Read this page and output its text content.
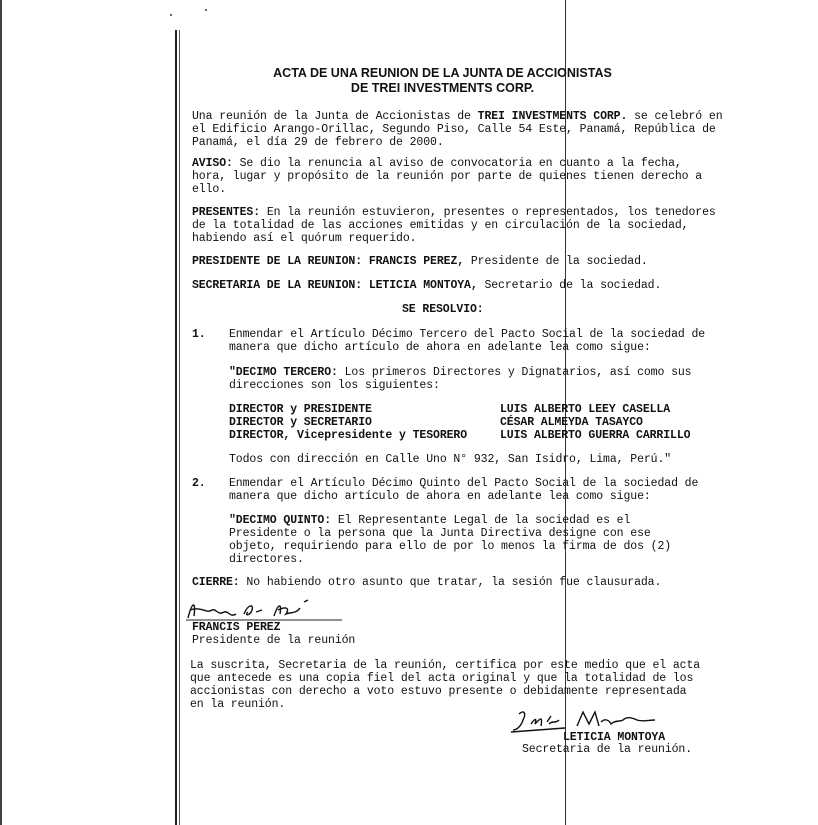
ACTA DE UNA REUNION DE LA JUNTA DE ACCIONISTAS
DE TREI INVESTMENTS CORP.
Una reunión de la Junta de Accionistas de TREI INVESTMENTS CORP. se celebró en
el Edificio Arango-Orillac, Segundo Piso, Calle 54 Este, Panamá, República de
Panamá, el día 29 de febrero de 2000.
AVISO: Se dio la renuncia al aviso de convocatoria en cuanto a la fecha,
hora, lugar y propósito de la reunión por parte de quienes tienen derecho a
ello.
PRESENTES: En la reunión estuvieron, presentes o representados, los tenedores
de la totalidad de las acciones emitidas y en circulación de la sociedad,
habiendo así el quórum requerido.
PRESIDENTE DE LA REUNION: FRANCIS PEREZ, Presidente de la sociedad.
SECRETARIA DE LA REUNION: LETICIA MONTOYA, Secretario de la sociedad.
SE RESOLVIO:
1. Enmendar el Artículo Décimo Tercero del Pacto Social de la sociedad de
manera que dicho artículo de ahora en adelante lea como sigue:
"DECIMO TERCERO: Los primeros Directores y Dignatarios, así como sus
direcciones son los siguientes:
DIRECTOR y PRESIDENTE	LUIS ALBERTO LEEY CASELLA
DIRECTOR y SECRETARIO	CÉSAR ALMEYDA TASAYCO
DIRECTOR, Vicepresidente y TESORERO	LUIS ALBERTO GUERRA CARRILLO
Todos con dirección en Calle Uno N° 932, San Isidro, Lima, Perú."
2. Enmendar el Artículo Décimo Quinto del Pacto Social de la sociedad de
manera que dicho artículo de ahora en adelante lea como sigue:
"DECIMO QUINTO: El Representante Legal de la sociedad es el
Presidente o la persona que la Junta Directiva designe con ese
objeto, requiriendo para ello de por lo menos la firma de dos (2)
directores.
CIERRE: No habiendo otro asunto que tratar, la sesión fue clausurada.
FRANCIS PEREZ
Presidente de la reunión
La suscrita, Secretaria de la reunión, certifica por este medio que el acta
que antecede es una copia fiel del acta original y que la totalidad de los
accionistas con derecho a voto estuvo presente o debidamente representada
en la reunión.
LETICIA MONTOYA
Secretaria de la reunión.
